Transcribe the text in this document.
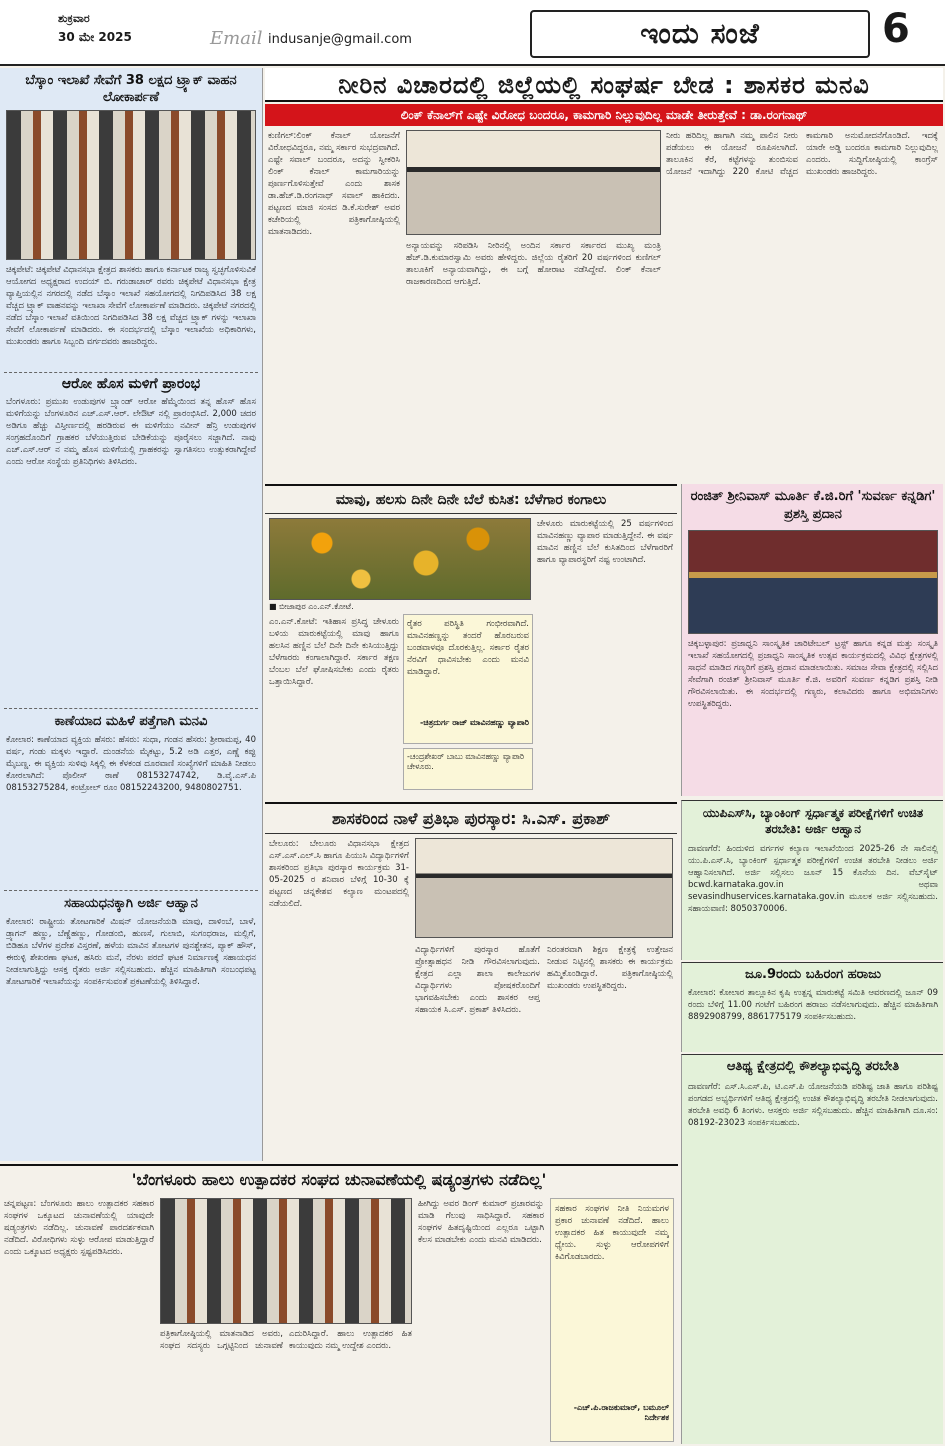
ಶುಕ್ರವಾರ
30 ಮೇ 2025	Email indusanje@gmail.com	ಇಂದು ಸಂಜೆ	6
ಬೆಸ್ಕಾಂ ಇಲಾಖೆ ಸೇವೆಗೆ 38 ಲಕ್ಷದ ಟ್ರ್ಯಾಕ್ ವಾಹನ ಲೋಕಾರ್ಪಣೆ
ಚಿಕ್ಕಪೇಟೆ: ಚಿಕ್ಕಪೇಟೆ ವಿಧಾನಸಭಾ ಕ್ಷೇತ್ರದ ಶಾಸಕರು ಹಾಗೂ ಕರ್ನಾಟಕ ರಾಜ್ಯ ಸ್ವಚ್ಛಗೊಳಿಸುವಿಕೆ ಆಯೋಗದ ಅಧ್ಯಕ್ಷರಾದ ಉದಯ್ ಬಿ. ಗರುಡಾಚಾರ್ ರವರು ಚಿಕ್ಕಪೇಟೆ ವಿಧಾನಸಭಾ ಕ್ಷೇತ್ರ ವ್ಯಾಪ್ತಿಯಲ್ಲಿನ ನಗರದಲ್ಲಿ ನಡೆದ ಬೆಸ್ಕಾಂ ಇಲಾಖೆ ಸಹಯೋಗದಲ್ಲಿ ನಿಗದಿಪಡಿಸಿದ 38 ಲಕ್ಷ ವೆಚ್ಚದ ಟ್ರ್ಯಾಕ್ ವಾಹನವನ್ನು ಇಲಾಖಾ ಸೇವೆಗೆ ಲೋಕಾರ್ಪಣೆ ಮಾಡಿದರು. ಚಿಕ್ಕಪೇಟೆ ನಗರದಲ್ಲಿ ನಡೆದ ಬೆಸ್ಕಾಂ ಇಲಾಖೆ ವತಿಯಿಂದ ನಿಗದಿಪಡಿಸಿದ 38 ಲಕ್ಷ ವೆಚ್ಚದ ಟ್ರ್ಯಾಕ್ ಗಳನ್ನು ಇಲಾಖಾ ಸೇವೆಗೆ ಲೋಕಾರ್ಪಣೆ ಮಾಡಿದರು. ಈ ಸಂದರ್ಭದಲ್ಲಿ ಬೆಸ್ಕಾಂ ಇಲಾಖೆಯ ಅಧಿಕಾರಿಗಳು, ಮುಖಂಡರು ಹಾಗೂ ಸಿಬ್ಬಂದಿ ವರ್ಗದವರು ಹಾಜರಿದ್ದರು.
ಆರೋ ಹೊಸ ಮಳಿಗೆ ಪ್ರಾರಂಭ
ಬೆಂಗಳೂರು: ಪ್ರಮುಖ ಉಡುಪುಗಳ ಬ್ರ್ಯಾಂಡ್ ಆರೋ ಹೆಮ್ಮೆಯಿಂದ ತನ್ನ ಹೊಸ್ ಹೊಸ ಮಳಿಗೆಯನ್ನು ಬೆಂಗಳೂರಿನ ಎಚ್.ಎಸ್.ಆರ್. ಲೇಔಟ್ ನಲ್ಲಿ ಪ್ರಾರಂಭಿಸಿದೆ. 2,000 ಚದರ ಅಡಿಗೂ ಹೆಚ್ಚು ವಿಸ್ತೀರ್ಣದಲ್ಲಿ ಹರಡಿರುವ ಈ ಮಳಿಗೆಯು ನವೀನ್ ಹೆನ್ರಿ ಉಡುಪುಗಳ ಸಂಗ್ರಹದೊಂದಿಗೆ ಗ್ರಾಹಕರ ಬೆಳೆಯುತ್ತಿರುವ ಬೇಡಿಕೆಯನ್ನು ಪೂರೈಸಲು ಸಜ್ಜಾಗಿದೆ. ನಾವು ಎಚ್.ಎಸ್.ಆರ್ ನ ನಮ್ಮ ಹೊಸ ಮಳಿಗೆಯಲ್ಲಿ ಗ್ರಾಹಕರನ್ನು ಸ್ವಾಗತಿಸಲು ಉತ್ಸುಕರಾಗಿದ್ದೇವೆ ಎಂದು ಆರೋ ಸಂಸ್ಥೆಯ ಪ್ರತಿನಿಧಿಗಳು ತಿಳಿಸಿದರು.
ಕಾಣೆಯಾದ ಮಹಿಳೆ ಪತ್ತೆಗಾಗಿ ಮನವಿ
ಕೋಲಾರ: ಕಾಣೆಯಾದ ವ್ಯಕ್ತಿಯ ಹೆಸರು: ಹೆಸರು: ಸುಧಾ, ಗಂಡನ ಹೆಸರು: ಶ್ರೀರಾಮಪ್ಪ, 40 ವರ್ಷ, ಗಂಡು ಮಕ್ಕಳು ಇದ್ದಾರೆ. ದುಂಡನೆಯ ಮೈಕಟ್ಟು, 5.2 ಅಡಿ ಎತ್ತರ, ಎಣ್ಣೆ ಕಪ್ಪು ಮೈಬಣ್ಣ. ಈ ವ್ಯಕ್ತಿಯ ಸುಳಿವು ಸಿಕ್ಕಲ್ಲಿ ಈ ಕೆಳಕಂಡ ದೂರವಾಣಿ ಸಂಖ್ಯೆಗಳಿಗೆ ಮಾಹಿತಿ ನೀಡಲು ಕೋರಲಾಗಿದೆ: ಪೊಲೀಸ್ ಠಾಣೆ 08153274742, ಡಿ.ವೈ.ಎಸ್.ಪಿ 08153275284, ಕಂಟ್ರೋಲ್ ರೂಂ 08152243200, 9480802751.
ಸಹಾಯಧನಕ್ಕಾಗಿ ಅರ್ಜಿ ಆಹ್ವಾನ
ಕೋಲಾರ: ರಾಷ್ಟ್ರೀಯ ತೋಟಗಾರಿಕೆ ಮಿಷನ್ ಯೋಜನೆಯಡಿ ಮಾವು, ದಾಳಿಂಬೆ, ಬಾಳೆ, ಡ್ರ್ಯಾಗನ್ ಹಣ್ಣು, ಬೆಣ್ಣೆಹಣ್ಣು, ಗೋಡಂಬಿ, ಹುಣಸೆ, ಗುಲಾಬಿ, ಸುಗಂಧರಾಜ, ಮಲ್ಲಿಗೆ, ಬಿಡಿಹೂ ಬೆಳೆಗಳ ಪ್ರದೇಶ ವಿಸ್ತರಣೆ, ಹಳೆಯ ಮಾವಿನ ತೋಟಗಳ ಪುನಶ್ಚೇತನ, ಪ್ಯಾಕ್ ಹೌಸ್, ಈರುಳ್ಳಿ ಶೇಖರಣಾ ಘಟಕ, ಹಸಿರು ಮನೆ, ನೆರಳು ಪರದೆ ಘಟಕ ನಿರ್ಮಾಣಕ್ಕೆ ಸಹಾಯಧನ ನೀಡಲಾಗುತ್ತಿದ್ದು ಆಸಕ್ತ ರೈತರು ಅರ್ಜಿ ಸಲ್ಲಿಸಬಹುದು. ಹೆಚ್ಚಿನ ಮಾಹಿತಿಗಾಗಿ ಸಂಬಂಧಪಟ್ಟ ತೋಟಗಾರಿಕೆ ಇಲಾಖೆಯನ್ನು ಸಂಪರ್ಕಿಸುವಂತೆ ಪ್ರಕಟಣೆಯಲ್ಲಿ ತಿಳಿಸಿದ್ದಾರೆ.
ನೀರಿನ ವಿಚಾರದಲ್ಲಿ ಜಿಲ್ಲೆಯಲ್ಲಿ ಸಂಘರ್ಷ ಬೇಡ : ಶಾಸಕರ ಮನವಿ
ಲಿಂಕ್ ಕೆನಾಲ್‌ಗೆ ಎಷ್ಟೇ ವಿರೋಧ ಬಂದರೂ, ಕಾಮಗಾರಿ ನಿಲ್ಲುವುದಿಲ್ಲ ಮಾಡೇ ತೀರುತ್ತೇವೆ : ಡಾ.ರಂಗನಾಥ್
ಕುಣಿಗಲ್:ಲಿಂಕ್ ಕೆನಾಲ್ ಯೋಜನೆಗೆ ವಿರೋಧವಿದ್ದರೂ, ನಮ್ಮ ಸರ್ಕಾರ ಸುಭದ್ರವಾಗಿದೆ. ಎಷ್ಟೇ ಸವಾಲ್ ಬಂದರೂ, ಅದನ್ನು ಸ್ವೀಕರಿಸಿ ಲಿಂಕ್ ಕೆನಾಲ್ ಕಾಮಗಾರಿಯನ್ನು ಪೂರ್ಣಗೊಳಿಸುತ್ತೇವೆ ಎಂದು ಶಾಸಕ ಡಾ.ಹೆಚ್.ಡಿ.ರಂಗನಾಥ್ ಸವಾಲ್ ಹಾಕಿದರು. ಪಟ್ಟಣದ ಮಾಜಿ ಸಂಸದ ಡಿ.ಕೆ.ಸುರೇಶ್ ಅವರ ಕಚೇರಿಯಲ್ಲಿ ಪತ್ರಿಕಾಗೋಷ್ಠಿಯಲ್ಲಿ ಮಾತನಾಡಿದರು.
ಅನ್ಯಾಯವನ್ನು ಸರಿಪಡಿಸಿ ನೀರಿನಲ್ಲಿ ಅಂದಿನ ಸರ್ಕಾರ ಸರ್ಕಾರದ ಮುಖ್ಯ ಮಂತ್ರಿ ಹೆಚ್.ಡಿ.ಕುಮಾರಸ್ವಾಮಿ ಅವರು ಹೇಳಿದ್ದರು. ಜಿಲ್ಲೆಯ ರೈತರಿಗೆ 20 ವರ್ಷಗಳಿಂದ ಕುಣಿಗಲ್ ತಾಲೂಕಿಗೆ ಅನ್ಯಾಯವಾಗಿದ್ದು, ಈ ಬಗ್ಗೆ ಹೋರಾಟ ನಡೆಸಿದ್ದೇವೆ. ಲಿಂಕ್ ಕೆನಾಲ್ ರಾಜಕಾರಣದಿಂದ ಆಗುತ್ತಿದೆ.
ನೀರು ಹರಿದಿಲ್ಲ ಹಾಗಾಗಿ ನಮ್ಮ ಪಾಲಿನ ನೀರು ಪಡೆಯಲು ಈ ಯೋಜನೆ ರೂಪಿಸಲಾಗಿದೆ. ತಾಲೂಕಿನ ಕೆರೆ, ಕಟ್ಟೆಗಳನ್ನು ತುಂಬಿಸುವ ಯೋಜನೆ ಇದಾಗಿದ್ದು 220 ಕೋಟಿ ವೆಚ್ಚದ ಕಾಮಗಾರಿ ಅನುಮೋದನೆಗೊಂಡಿದೆ. ಇದಕ್ಕೆ ಯಾರೇ ಅಡ್ಡಿ ಬಂದರೂ ಕಾಮಗಾರಿ ನಿಲ್ಲುವುದಿಲ್ಲ ಎಂದರು. ಸುದ್ದಿಗೋಷ್ಠಿಯಲ್ಲಿ ಕಾಂಗ್ರೆಸ್ ಮುಖಂಡರು ಹಾಜರಿದ್ದರು.
ಮಾವು, ಹಲಸು ದಿನೇ ದಿನೇ ಬೆಲೆ ಕುಸಿತ: ಬೆಳೆಗಾರ ಕಂಗಾಲು
■ ಬೀಜಾಪುರ ಎಂ.ಎನ್.ಕೋಟೆ.
ಚೇಳೂರು ಮಾರುಕಟ್ಟೆಯಲ್ಲಿ 25 ವರ್ಷಗಳಿಂದ ಮಾವಿನಹಣ್ಣು ವ್ಯಾಪಾರ ಮಾಡುತ್ತಿದ್ದೇನೆ. ಈ ವರ್ಷ ಮಾವಿನ ಹಣ್ಣಿನ ಬೆಲೆ ಕುಸಿತದಿಂದ ಬೆಳೆಗಾರರಿಗೆ ಹಾಗೂ ವ್ಯಾಪಾರಸ್ಥರಿಗೆ ನಷ್ಟ ಉಂಟಾಗಿದೆ.
ಎಂ.ಎನ್.ಕೋಟೆ: ಇತಿಹಾಸ ಪ್ರಸಿದ್ಧ ಚೇಳೂರು ಬಳಿಯ ಮಾರುಕಟ್ಟೆಯಲ್ಲಿ ಮಾವು ಹಾಗೂ ಹಲಸಿನ ಹಣ್ಣಿನ ಬೆಲೆ ದಿನೇ ದಿನೇ ಕುಸಿಯುತ್ತಿದ್ದು ಬೆಳೆಗಾರರು ಕಂಗಾಲಾಗಿದ್ದಾರೆ. ಸರ್ಕಾರ ತಕ್ಷಣ ಬೆಂಬಲ ಬೆಲೆ ಘೋಷಿಸಬೇಕು ಎಂದು ರೈತರು ಒತ್ತಾಯಿಸಿದ್ದಾರೆ.
ರೈತರ ಪರಿಸ್ಥಿತಿ ಗಂಭೀರವಾಗಿದೆ. ಮಾವಿನಹಣ್ಣನ್ನು ತಂದರೆ ಹೊರಬರುವ ಬಂಡವಾಳವೂ ದೊರಕುತ್ತಿಲ್ಲ. ಸರ್ಕಾರ ರೈತರ ನೆರವಿಗೆ ಧಾವಿಸಬೇಕು ಎಂದು ಮನವಿ ಮಾಡಿದ್ದಾರೆ.
-ಚಿತ್ರದುರ್ಗ ರಾಜ್ ಮಾವಿನಹಣ್ಣು ವ್ಯಾಪಾರಿ
-ಚಂದ್ರಶೇಖರ್ ಬಾಬು ಮಾವಿನಹಣ್ಣು ವ್ಯಾಪಾರಿ ಚೇಳೂರು.
ರಂಜಿತ್ ಶ್ರೀನಿವಾಸ್ ಮೂರ್ತಿ ಕೆ.ಜಿ.ರಿಗೆ 'ಸುವರ್ಣ ಕನ್ನಡಿಗ' ಪ್ರಶಸ್ತಿ ಪ್ರದಾನ
ಚಿಕ್ಕಬಳ್ಳಾಪುರ: ಪ್ರಜಾಧ್ವನಿ ಸಾಂಸ್ಕೃತಿಕ ಚಾರಿಟೇಬಲ್ ಟ್ರಸ್ಟ್ ಹಾಗೂ ಕನ್ನಡ ಮತ್ತು ಸಂಸ್ಕೃತಿ ಇಲಾಖೆ ಸಹಯೋಗದಲ್ಲಿ ಪ್ರಜಾಧ್ವನಿ ಸಾಂಸ್ಕೃತಿಕ ಉತ್ಸವ ಕಾರ್ಯಕ್ರಮದಲ್ಲಿ ವಿವಿಧ ಕ್ಷೇತ್ರಗಳಲ್ಲಿ ಸಾಧನೆ ಮಾಡಿದ ಗಣ್ಯರಿಗೆ ಪ್ರಶಸ್ತಿ ಪ್ರದಾನ ಮಾಡಲಾಯಿತು. ಸಮಾಜ ಸೇವಾ ಕ್ಷೇತ್ರದಲ್ಲಿ ಸಲ್ಲಿಸಿದ ಸೇವೆಗಾಗಿ ರಂಜಿತ್ ಶ್ರೀನಿವಾಸ್ ಮೂರ್ತಿ ಕೆ.ಜಿ. ಅವರಿಗೆ ಸುವರ್ಣ ಕನ್ನಡಿಗ ಪ್ರಶಸ್ತಿ ನೀಡಿ ಗೌರವಿಸಲಾಯಿತು. ಈ ಸಂದರ್ಭದಲ್ಲಿ ಗಣ್ಯರು, ಕಲಾವಿದರು ಹಾಗೂ ಅಭಿಮಾನಿಗಳು ಉಪಸ್ಥಿತರಿದ್ದರು.
ಶಾಸಕರಿಂದ ನಾಳೆ ಪ್ರತಿಭಾ ಪುರಸ್ಕಾರ: ಸಿ.ಎಸ್. ಪ್ರಕಾಶ್
ಬೇಲೂರು: ಬೇಲೂರು ವಿಧಾನಸಭಾ ಕ್ಷೇತ್ರದ ಎಸ್.ಎಸ್.ಎಲ್.ಸಿ ಹಾಗೂ ಪಿಯುಸಿ ವಿದ್ಯಾರ್ಥಿಗಳಿಗೆ ಶಾಸಕರಿಂದ ಪ್ರತಿಭಾ ಪುರಸ್ಕಾರ ಕಾರ್ಯಕ್ರಮ 31-05-2025 ರ ಶನಿವಾರ ಬೆಳಿಗ್ಗೆ 10-30 ಕ್ಕೆ ಪಟ್ಟಣದ ಚನ್ನಕೇಶವ ಕಲ್ಯಾಣ ಮಂಟಪದಲ್ಲಿ ನಡೆಯಲಿದೆ.
ವಿದ್ಯಾರ್ಥಿಗಳಿಗೆ ಪುರಸ್ಕಾರ ಹೊತೆಗೆ ಪ್ರೋತ್ಸಾಹಧನ ನೀಡಿ ಗೌರವಿಸಲಾಗುವುದು. ಕ್ಷೇತ್ರದ ಎಲ್ಲಾ ಶಾಲಾ ಕಾಲೇಜುಗಳ ವಿದ್ಯಾರ್ಥಿಗಳು ಪೋಷಕರೊಂದಿಗೆ ಭಾಗವಹಿಸಬೇಕು ಎಂದು ಶಾಸಕರ ಆಪ್ತ ಸಹಾಯಕ ಸಿ.ಎಸ್. ಪ್ರಕಾಶ್ ತಿಳಿಸಿದರು.
ನಿರಂತರವಾಗಿ ಶಿಕ್ಷಣ ಕ್ಷೇತ್ರಕ್ಕೆ ಉತ್ತೇಜನ ನೀಡುವ ನಿಟ್ಟಿನಲ್ಲಿ ಶಾಸಕರು ಈ ಕಾರ್ಯಕ್ರಮ ಹಮ್ಮಿಕೊಂಡಿದ್ದಾರೆ. ಪತ್ರಿಕಾಗೋಷ್ಠಿಯಲ್ಲಿ ಮುಖಂಡರು ಉಪಸ್ಥಿತರಿದ್ದರು.
ಯುಪಿಎಸ್‌ಸಿ, ಬ್ಯಾಂಕಿಂಗ್ ಸ್ಪರ್ಧಾತ್ಮಕ ಪರೀಕ್ಷೆಗಳಿಗೆ ಉಚಿತ ತರಬೇತಿ: ಅರ್ಜಿ ಆಹ್ವಾನ
ದಾವಣಗೆರೆ: ಹಿಂದುಳಿದ ವರ್ಗಗಳ ಕಲ್ಯಾಣ ಇಲಾಖೆಯಿಂದ 2025-26 ನೇ ಸಾಲಿನಲ್ಲಿ ಯು.ಪಿ.ಎಸ್.ಸಿ, ಬ್ಯಾಂಕಿಂಗ್ ಸ್ಪರ್ಧಾತ್ಮಕ ಪರೀಕ್ಷೆಗಳಿಗೆ ಉಚಿತ ತರಬೇತಿ ನೀಡಲು ಅರ್ಜಿ ಆಹ್ವಾನಿಸಲಾಗಿದೆ. ಅರ್ಜಿ ಸಲ್ಲಿಸಲು ಜೂನ್ 15 ಕೊನೆಯ ದಿನ. ವೆಬ್‌ಸೈಟ್ bcwd.karnataka.gov.in ಅಥವಾ sevasindhuservices.karnataka.gov.in ಮೂಲಕ ಅರ್ಜಿ ಸಲ್ಲಿಸಬಹುದು. ಸಹಾಯವಾಣಿ: 8050370006.
ಜೂ.9ರಂದು ಬಹಿರಂಗ ಹರಾಜು
ಕೋಲಾರ: ಕೋಲಾರ ತಾಲ್ಲೂಕಿನ ಕೃಷಿ ಉತ್ಪನ್ನ ಮಾರುಕಟ್ಟೆ ಸಮಿತಿ ಆವರಣದಲ್ಲಿ ಜೂನ್ 09 ರಂದು ಬೆಳಿಗ್ಗೆ 11.00 ಗಂಟೆಗೆ ಬಹಿರಂಗ ಹರಾಜು ನಡೆಸಲಾಗುವುದು. ಹೆಚ್ಚಿನ ಮಾಹಿತಿಗಾಗಿ 8892908799, 8861775179 ಸಂಪರ್ಕಿಸಬಹುದು.
ಆತಿಥ್ಯ ಕ್ಷೇತ್ರದಲ್ಲಿ ಕೌಶಲ್ಯಾಭಿವೃದ್ಧಿ ತರಬೇತಿ
ದಾವಣಗೆರೆ: ಎಸ್.ಸಿ.ಎಸ್.ಪಿ, ಟಿ.ಎಸ್.ಪಿ ಯೋಜನೆಯಡಿ ಪರಿಶಿಷ್ಟ ಜಾತಿ ಹಾಗೂ ಪರಿಶಿಷ್ಟ ಪಂಗಡದ ಅಭ್ಯರ್ಥಿಗಳಿಗೆ ಆತಿಥ್ಯ ಕ್ಷೇತ್ರದಲ್ಲಿ ಉಚಿತ ಕೌಶಲ್ಯಾಭಿವೃದ್ಧಿ ತರಬೇತಿ ನೀಡಲಾಗುವುದು. ತರಬೇತಿ ಅವಧಿ 6 ತಿಂಗಳು. ಆಸಕ್ತರು ಅರ್ಜಿ ಸಲ್ಲಿಸಬಹುದು. ಹೆಚ್ಚಿನ ಮಾಹಿತಿಗಾಗಿ ದೂ.ಸಂ: 08192-23023 ಸಂಪರ್ಕಿಸಬಹುದು.
'ಬೆಂಗಳೂರು ಹಾಲು ಉತ್ಪಾದಕರ ಸಂಘದ ಚುನಾವಣೆಯಲ್ಲಿ ಷಡ್ಯಂತ್ರಗಳು ನಡೆದಿಲ್ಲ'
ಚನ್ನಪಟ್ಟಣ: ಬೆಂಗಳೂರು ಹಾಲು ಉತ್ಪಾದಕರ ಸಹಕಾರ ಸಂಘಗಳ ಒಕ್ಕೂಟದ ಚುನಾವಣೆಯಲ್ಲಿ ಯಾವುದೇ ಷಡ್ಯಂತ್ರಗಳು ನಡೆದಿಲ್ಲ. ಚುನಾವಣೆ ಪಾರದರ್ಶಕವಾಗಿ ನಡೆದಿದೆ. ವಿರೋಧಿಗಳು ಸುಳ್ಳು ಆರೋಪ ಮಾಡುತ್ತಿದ್ದಾರೆ ಎಂದು ಒಕ್ಕೂಟದ ಅಧ್ಯಕ್ಷರು ಸ್ಪಷ್ಟಪಡಿಸಿದರು.
ಪತ್ರಿಕಾಗೋಷ್ಠಿಯಲ್ಲಿ ಮಾತನಾಡಿದ ಅವರು, ಸಂಘದ ಸದಸ್ಯರು ಒಗ್ಗಟ್ಟಿನಿಂದ ಚುನಾವಣೆ ಎದುರಿಸಿದ್ದಾರೆ. ಹಾಲು ಉತ್ಪಾದಕರ ಹಿತ ಕಾಯುವುದು ನಮ್ಮ ಉದ್ದೇಶ ಎಂದರು.
ಹೀಗಿದ್ದು ಅವರ ಡಿಂಗ್ ಕುಮಾರ್ ಪ್ರಚಾರವನ್ನು ಮಾಡಿ ಗೆಲುವು ಸಾಧಿಸಿದ್ದಾರೆ. ಸಹಕಾರ ಸಂಘಗಳ ಹಿತದೃಷ್ಟಿಯಿಂದ ಎಲ್ಲರೂ ಒಟ್ಟಾಗಿ ಕೆಲಸ ಮಾಡಬೇಕು ಎಂದು ಮನವಿ ಮಾಡಿದರು.
ಸಹಕಾರ ಸಂಘಗಳ ನೀತಿ ನಿಯಮಗಳ ಪ್ರಕಾರ ಚುನಾವಣೆ ನಡೆದಿದೆ. ಹಾಲು ಉತ್ಪಾದಕರ ಹಿತ ಕಾಯುವುದೇ ನಮ್ಮ ಧ್ಯೇಯ. ಸುಳ್ಳು ಆರೋಪಗಳಿಗೆ ಕಿವಿಗೊಡಬಾರದು.
-ಎಚ್.ಪಿ.ರಾಜಕುಮಾರ್, ಬಮೂಲ್ ನಿರ್ದೇಶಕ
